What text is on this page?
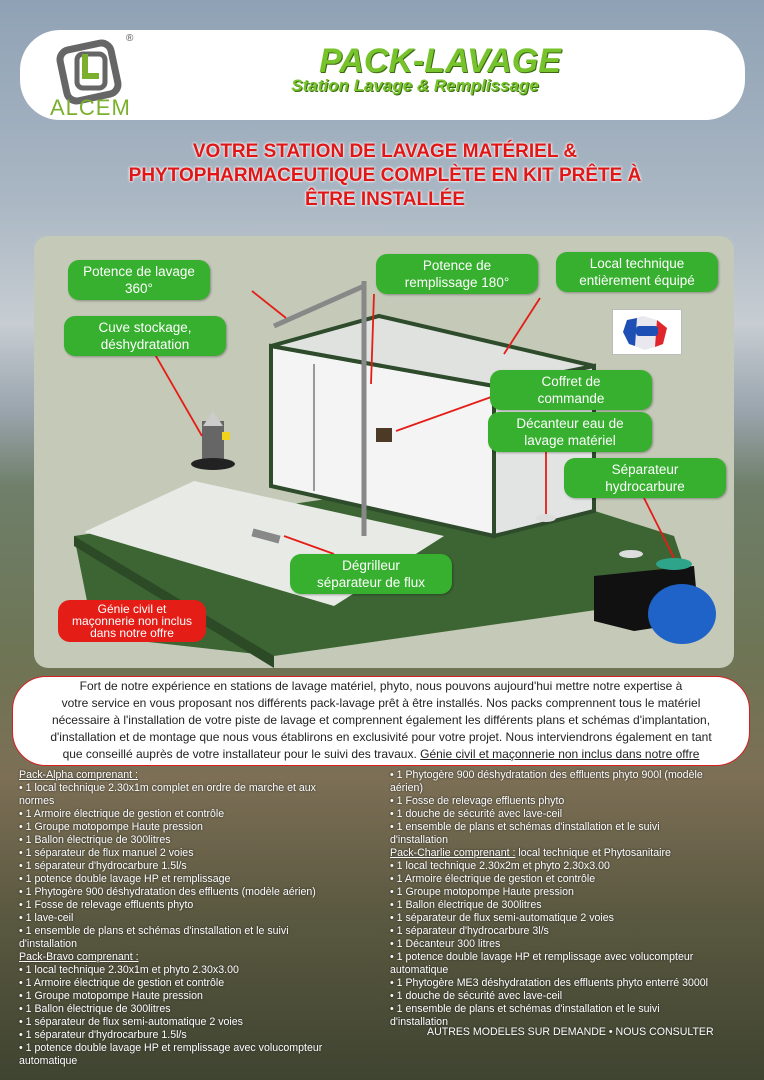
®
ALCEM
PACK-LAVAGE
Station Lavage & Remplissage
VOTRE STATION DE LAVAGE MATÉRIEL &
PHYTOPHARMACEUTIQUE COMPLÈTE EN KIT PRÊTE À
ÊTRE INSTALLÉE
Potence de lavage
360°
Potence de
remplissage 180°
Local technique
entièrement équipé
Cuve stockage,
déshydratation
Coffret de
commande
Décanteur eau de
lavage matériel
Séparateur
hydrocarbure
Dégrilleur
séparateur de flux
Génie civil et
maçonnerie non inclus
dans notre offre
Fort de notre expérience en stations de lavage matériel, phyto, nous pouvons aujourd'hui mettre notre expertise à
votre service en vous proposant nos différents pack-lavage prêt à être installés. Nos packs comprennent tous le matériel
nécessaire à l'installation de votre piste de lavage et comprennent également les différents plans et schémas d'implantation,
d'installation et de montage que nous vous établirons en exclusivité pour votre projet. Nous interviendrons également en tant
que conseillé auprès de votre installateur pour le suivi des travaux. Génie civil et maçonnerie non inclus dans notre offre
Pack-Alpha comprenant :
• 1 local technique 2.30x1m complet en ordre de marche et aux
normes
• 1 Armoire électrique de gestion et contrôle
• 1 Groupe motopompe Haute pression
• 1 Ballon électrique de 300litres
• 1 séparateur de flux manuel 2 voies
• 1 séparateur d'hydrocarbure 1.5l/s
• 1 potence double lavage HP et remplissage
• 1 Phytogère 900 déshydratation des effluents (modèle aérien)
• 1 Fosse de relevage effluents phyto
• 1 lave-ceil
• 1 ensemble de plans et schémas d'installation et le suivi
d'installation
Pack-Bravo comprenant :
• 1 local technique 2.30x1m et phyto 2.30x3.00
• 1 Armoire électrique de gestion et contrôle
• 1 Groupe motopompe Haute pression
• 1 Ballon électrique de 300litres
• 1 séparateur de flux semi-automatique 2 voies
• 1 séparateur d'hydrocarbure 1.5l/s
• 1 potence double lavage HP et remplissage avec volucompteur
automatique
• 1 Phytogère 900 déshydratation des effluents phyto 900l (modèle
aérien)
• 1 Fosse de relevage effluents phyto
• 1 douche de sécurité avec lave-ceil
• 1 ensemble de plans et schémas d'installation et le suivi
d'installation
Pack-Charlie comprenant : local technique et Phytosanitaire
• 1 local technique 2.30x2m et phyto 2.30x3.00
• 1 Armoire électrique de gestion et contrôle
• 1 Groupe motopompe Haute pression
• 1 Ballon électrique de 300litres
• 1 séparateur de flux semi-automatique 2 voies
• 1 séparateur d'hydrocarbure 3l/s
• 1 Décanteur 300 litres
• 1 potence double lavage HP et remplissage avec volucompteur
automatique
• 1 Phytogère ME3 déshydratation des effluents phyto enterré 3000l
• 1 douche de sécurité avec lave-ceil
• 1 ensemble de plans et schémas d'installation et le suivi
d'installation
AUTRES MODELES SUR DEMANDE • NOUS CONSULTER
